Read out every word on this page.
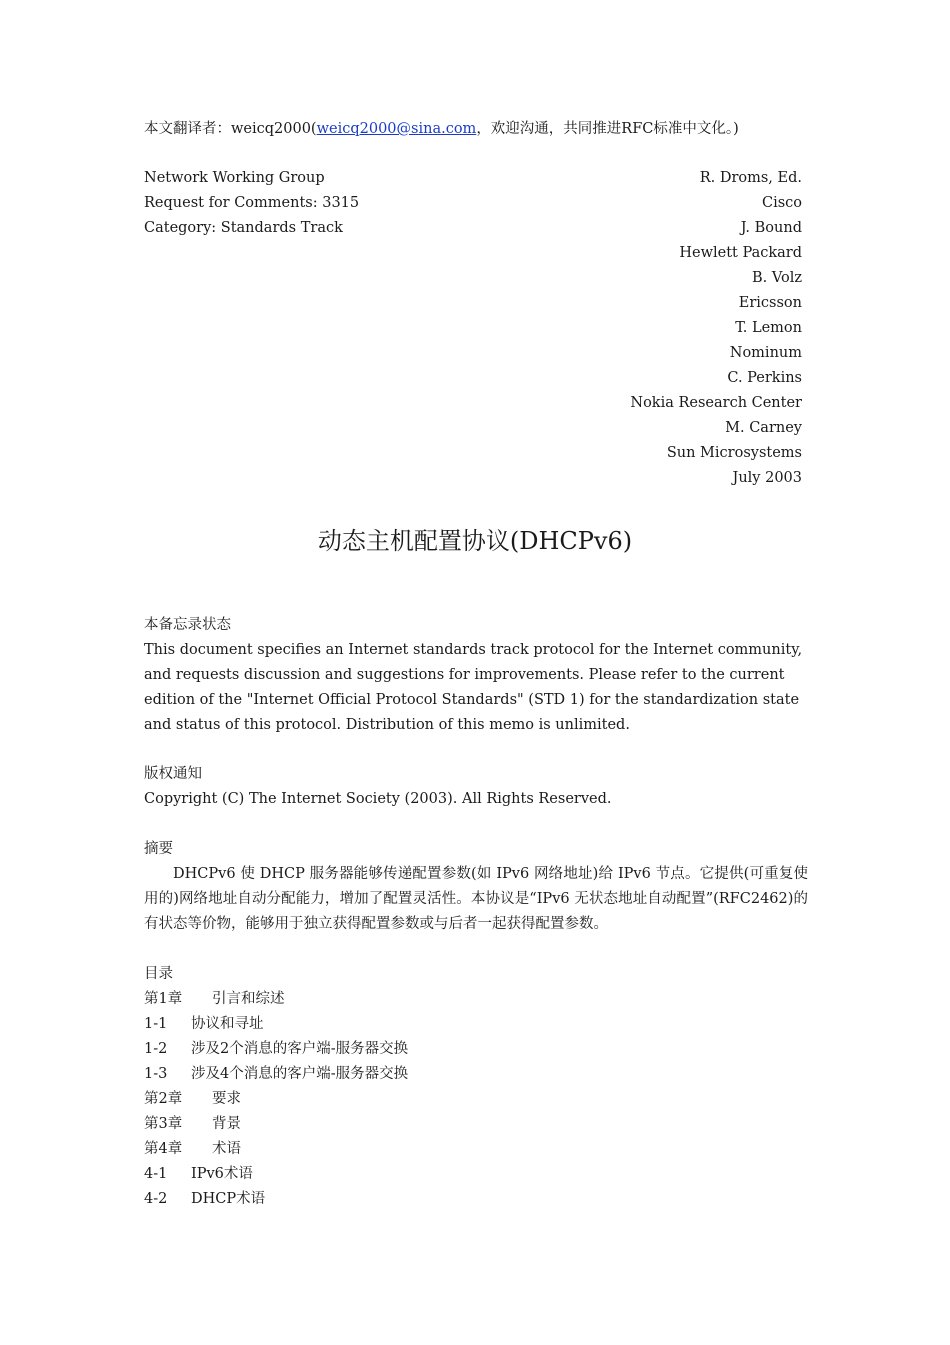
本文翻译者：weicq2000(weicq2000@sina.com，欢迎沟通，共同推进RFC标准中文化。)
Network Working Group
Request for Comments: 3315
Category: Standards Track
R. Droms, Ed.
Cisco
J. Bound
Hewlett Packard
B. Volz
Ericsson
T. Lemon
Nominum
C. Perkins
Nokia Research Center
M. Carney
Sun Microsystems
July 2003
动态主机配置协议(DHCPv6)
本备忘录状态

This document specifies an Internet standards track protocol for the Internet community, and requests discussion and suggestions for improvements. Please refer to the current edition of the "Internet Official Protocol Standards" (STD 1) for the standardization state and status of this protocol. Distribution of this memo is unlimited.

版权通知

Copyright (C) The Internet Society (2003). All Rights Reserved.

摘要

DHCPv6 使 DHCP 服务器能够传递配置参数(如 IPv6 网络地址)给 IPv6 节点。它提供(可重复使用的)网络地址自动分配能力，增加了配置灵活性。本协议是“IPv6 无状态地址自动配置”(RFC2462)的有状态等价物，能够用于独立获得配置参数或与后者一起获得配置参数。

目录
第1章	引言和综述
1-1	协议和寻址
1-2	涉及2个消息的客户端-服务器交换
1-3	涉及4个消息的客户端-服务器交换
第2章	要求
第3章	背景
第4章	术语
4-1	IPv6术语
4-2	DHCP术语
